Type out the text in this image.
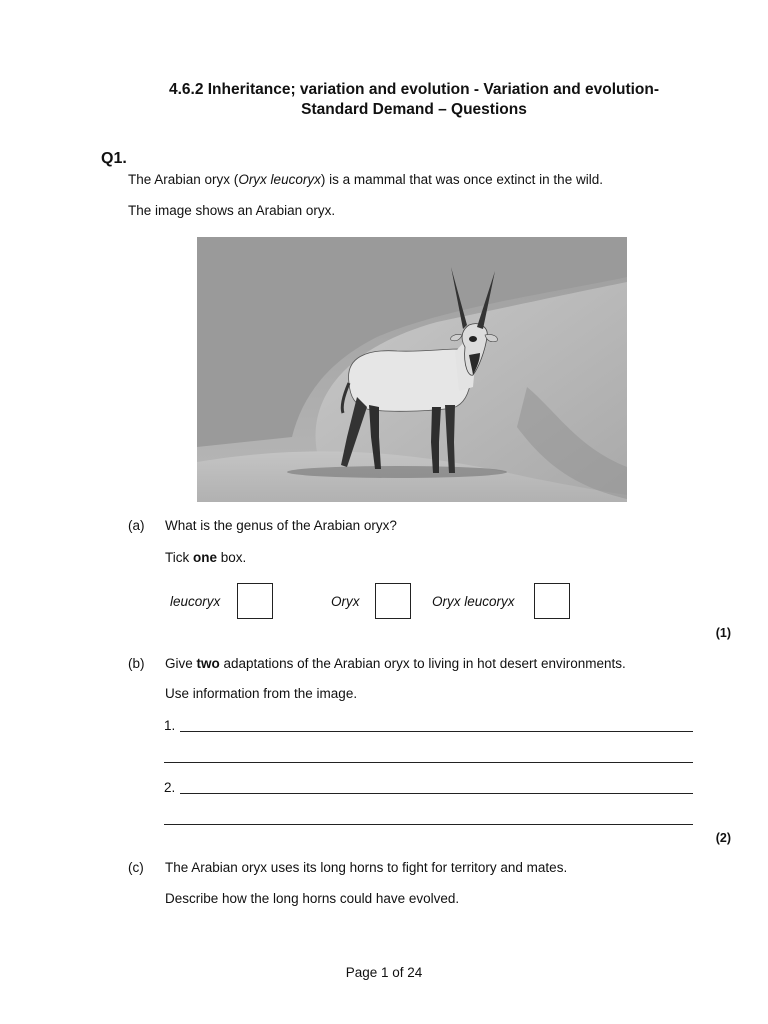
4.6.2 Inheritance; variation and evolution - Variation and evolution-
Standard Demand – Questions
Q1.
The Arabian oryx (Oryx leucoryx) is a mammal that was once extinct in the wild.
The image shows an Arabian oryx.
(a) What is the genus of the Arabian oryx?
Tick one box.
leucoryx	Oryx	Oryx leucoryx
(1)
(b) Give two adaptations of the Arabian oryx to living in hot desert environments.
Use information from the image.
1.
2.
(2)
(c) The Arabian oryx uses its long horns to fight for territory and mates.
Describe how the long horns could have evolved.
Page 1 of 24
